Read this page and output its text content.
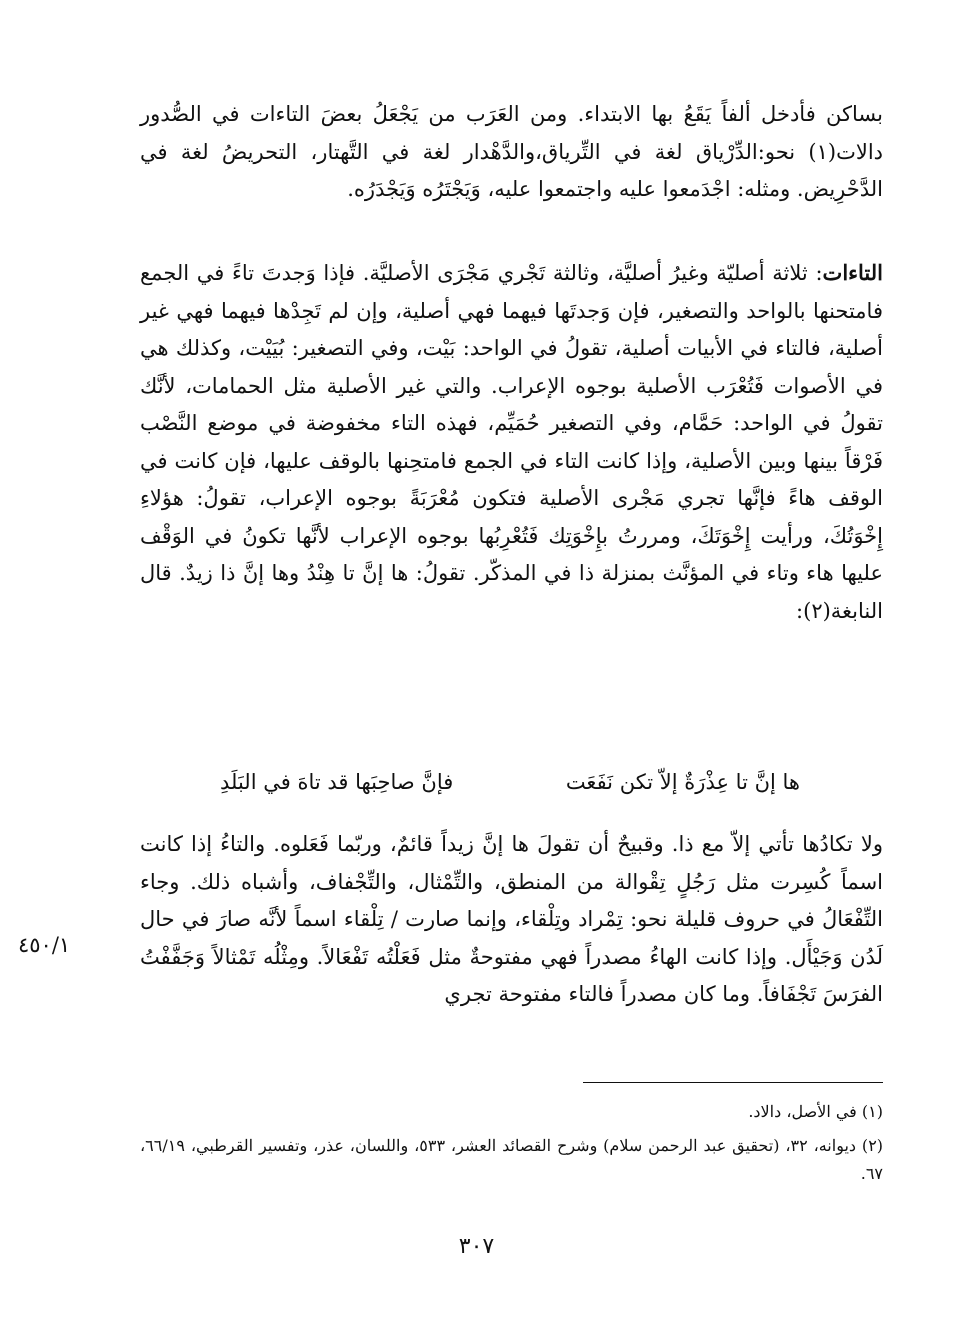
بساكن فأدخل ألفاً يَقَعُ بها الابتداء. ومن العَرَب من يَجْعَلُ بعضَ التاءات في الصُّدور دالات(١) نحو:الدِّرْياق لغة في التِّرياق،والدَّهْدار لغة في التَّهتار، التحريضُ لغة في الدَّحْرِيض. ومثله: اجْدَمعوا عليه واجتمعوا عليه، وَيَجْتَرُه وَيَجْدَرُه.

التاءات: ثلاثة أصليّة وغيرُ أصليَّة، وثالثة تَجْري مَجْرَى الأصليَّة. فإذا وَجدتَ تاءً في الجمع فامتحنها بالواحد والتصغير، فإن وَجدتَها فيهما فهي أصلية، وإن لم تَجِدْها فيهما فهي غير أصلية، فالتاء في الأبيات أصلية، تقولُ في الواحد: بَيْت، وفي التصغير: بُيَيْت، وكذلك هي في الأصوات فَتُعْرَب الأصلية بوجوه الإعراب. والتي غير الأصلية مثل الحمامات، لأنَّك تقولُ في الواحد: حَمَّام، وفي التصغير حُمَيِّم، فهذه التاء مخفوضة في موضع النَّصْب فَرْقاً بينها وبين الأصلية، وإذا كانت التاء في الجمع فامتحِنها بالوقف عليها، فإن كانت في الوقف هاءً فإنَّها تجري مَجْرى الأصلية فتكون مُعْرَبَةً بوجوه الإعراب، تقولُ: هؤلاءِ إِخْوَتُكَ، ورأيت إِخْوَتَكَ، ومررتُ بإِخْوَتِك فَتُعْرِبُها بوجوه الإعراب لأنَّها تكونُ في الوَقْف عليها هاء وتاء في المؤنَّث بمنزلة ذا في المذكّر. تقولُ: ها إنَّ تا هِنْدُ وها إنَّ ذا زيدٌ. قال النابغة(٢):

ها إنَّ تا عِذْرَةٌ إلاّ تكن نَفَعَت
فإنَّ صاحِبَها قد تاهَ في البَلَدِ

ولا تكادُها تأتي إلاّ مع ذا. وقبيحٌ أن تقولَ ها إنَّ زيداً قائمٌ، وربّما فَعَلوه. والتاءُ إذا كانت اسماً كُسِرت مثل رَجُلٍ تِقْوالة من المنطق، والتِّمْثال، والتِّجْفاف، وأشباه ذلك. وجاء التِّفْعَالُ في حروف قليلة نحو: تِمْراد وتِلْقاء، وإنما صارت / تِلْقاء اسماً لأنَّه صارَ في حال لَدُن وَجَيْأَل. وإذا كانت الهاءُ مصدراً فهي مفتوحةٌ مثل فَعَلْتُه تَفْعَالاً. ومِثْلُه تَمْثالاً وَجَفَّفْتُ الفرَسَ تَجْفَافاً. وما كان مصدراً فالتاء مفتوحة تجري

٤٥٠/١

(١) في الأصل، دالاد.

(٢) ديوانه، ٣٢، (تحقيق عبد الرحمن سلام) وشرح القصائد العشر، ٥٣٣، واللسان، عذر، وتفسير القرطبي، ٦٦/١٩، ٦٧.

٣٠٧
